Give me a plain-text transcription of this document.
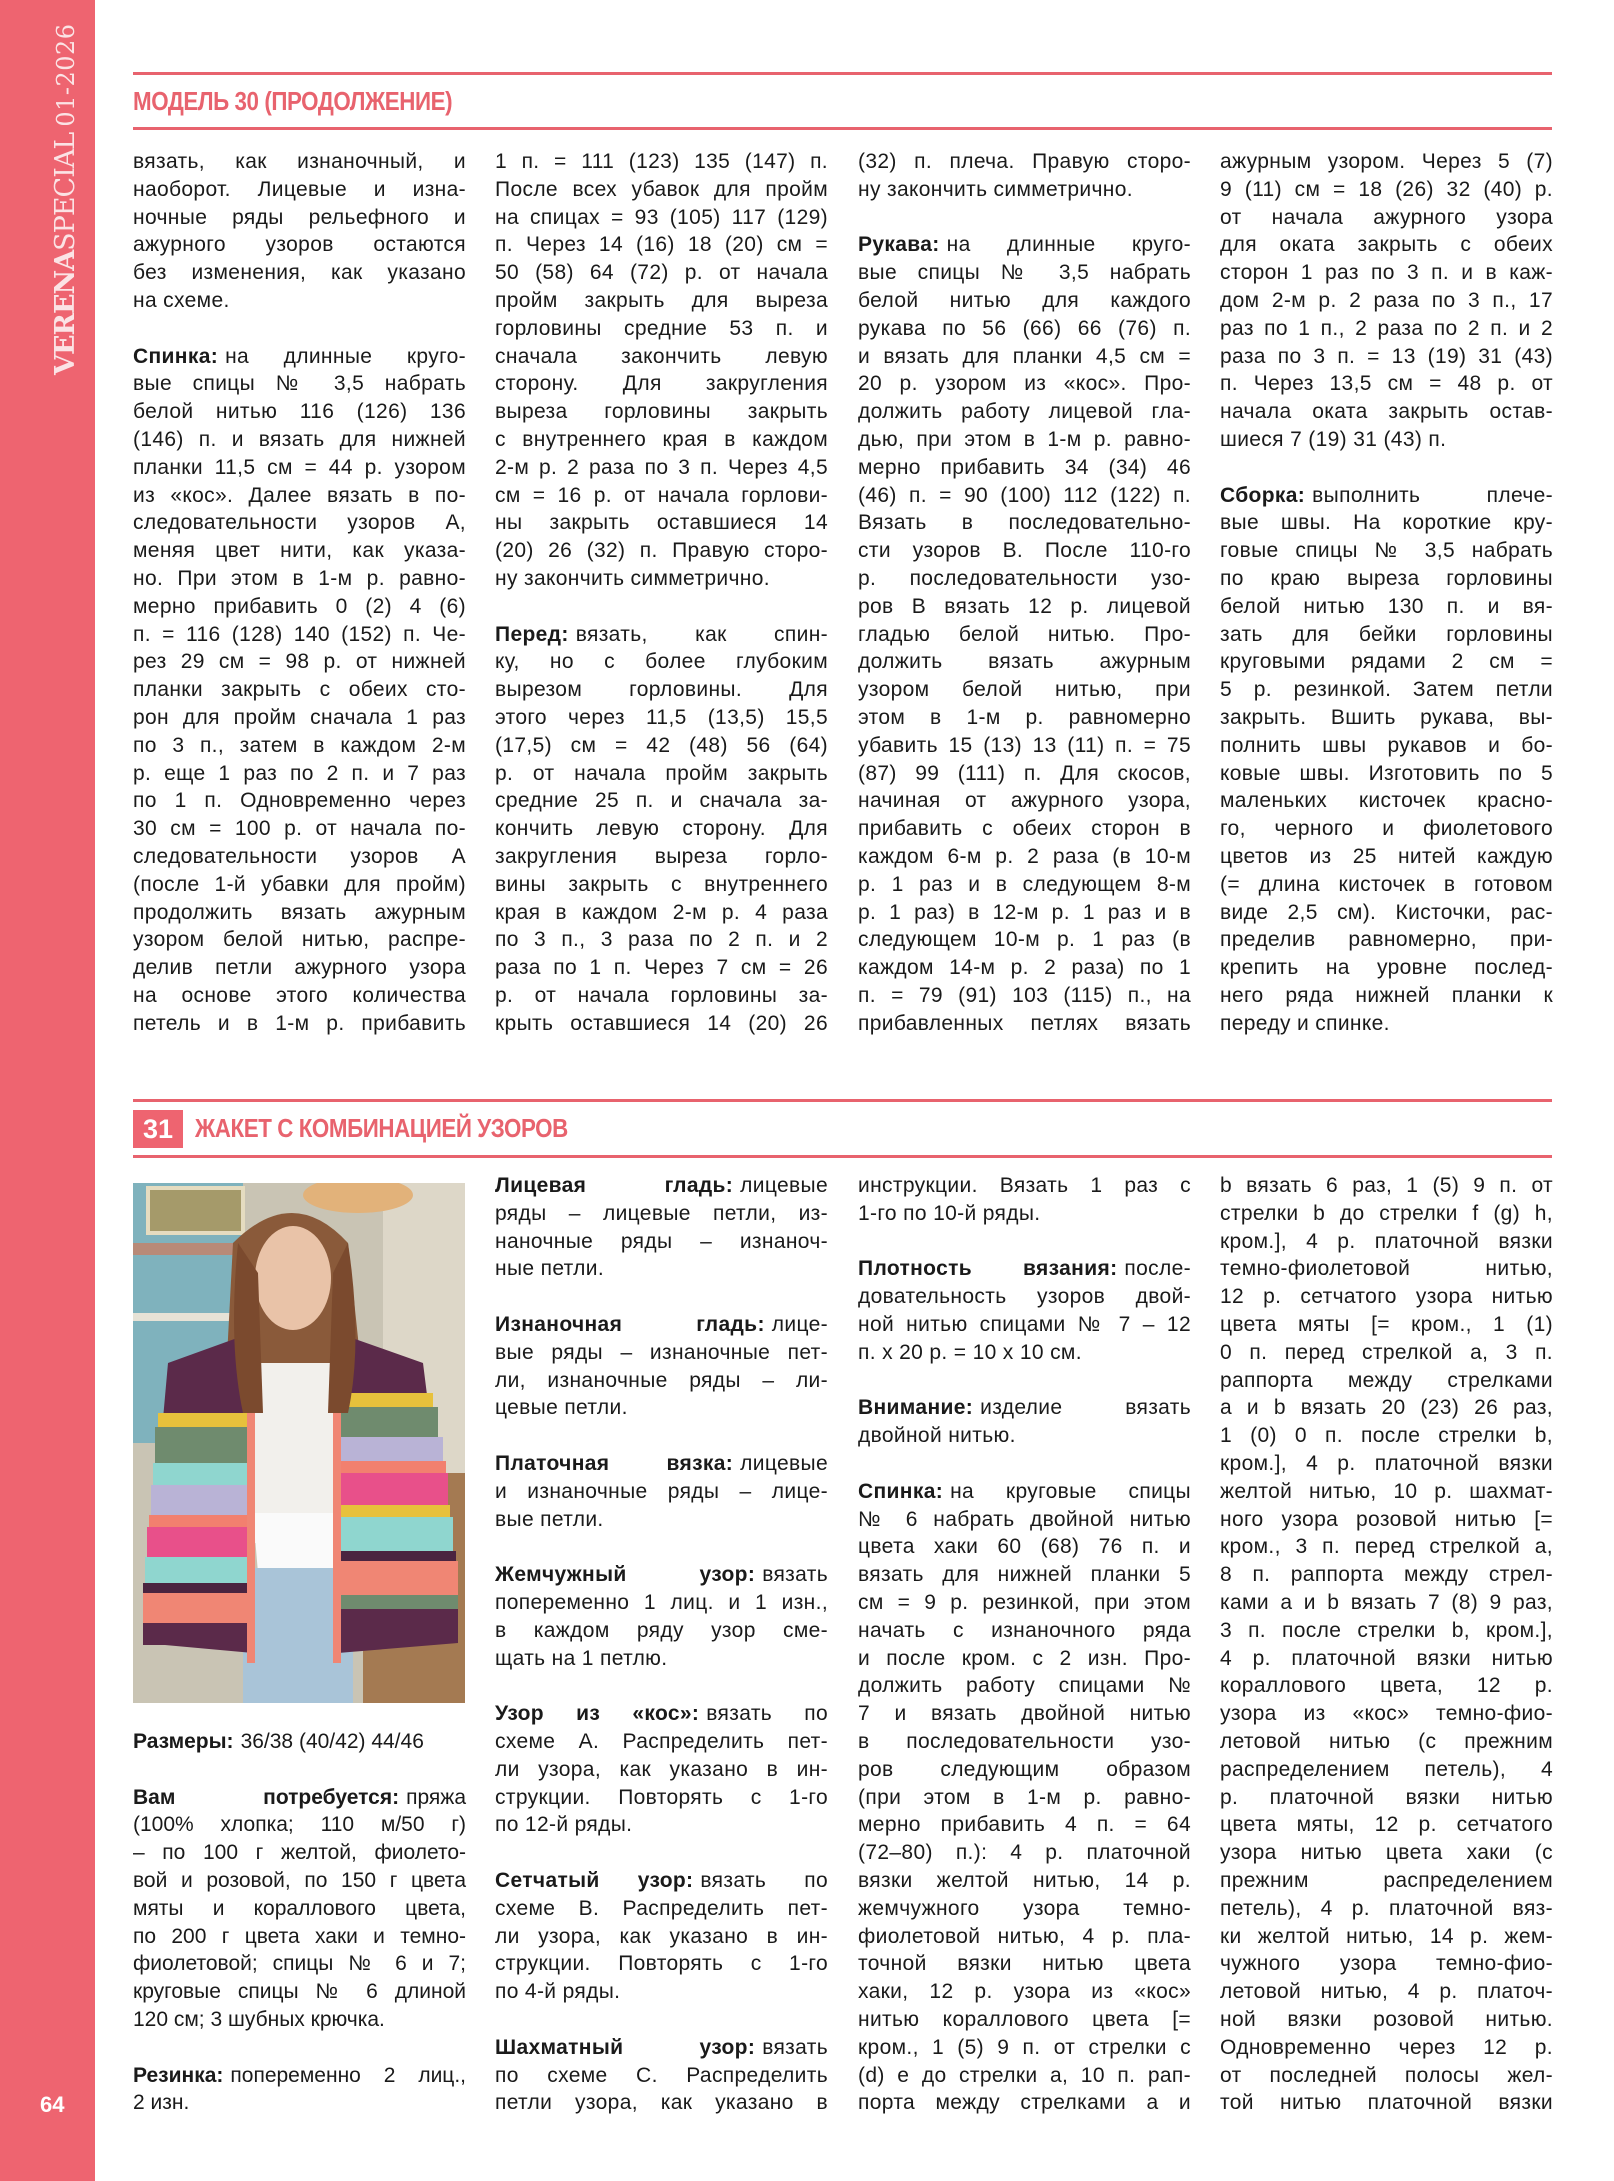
VERENASPECIAL01-2026
64
МОДЕЛЬ 30 (ПРОДОЛЖЕНИЕ)
31 ЖАКЕТ С КОМБИНАЦИЕЙ УЗОРОВ
вязать, как изнаночный, и
наоборот. Лицевые и изна-
ночные ряды рельефного и
ажурного узоров остаются
без изменения, как указано
на схеме.
Спинка: на длинные круго-
вые спицы № 3,5 набрать
белой нитью 116 (126) 136
(146) п. и вязать для нижней
планки 11,5 см = 44 р. узором
из «кос». Далее вязать в по-
следовательности узоров А,
меняя цвет нити, как указа-
но. При этом в 1-м р. равно-
мерно прибавить 0 (2) 4 (6)
п. = 116 (128) 140 (152) п. Че-
рез 29 см = 98 р. от нижней
планки закрыть с обеих сто-
рон для пройм сначала 1 раз
по 3 п., затем в каждом 2-м
р. еще 1 раз по 2 п. и 7 раз
по 1 п. Одновременно через
30 см = 100 р. от начала по-
следовательности узоров А
(после 1-й убавки для пройм)
продолжить вязать ажурным
узором белой нитью, распре-
делив петли ажурного узора
на основе этого количества
петель и в 1-м р. прибавить
1 п. = 111 (123) 135 (147) п.
После всех убавок для пройм
на спицах = 93 (105) 117 (129)
п. Через 14 (16) 18 (20) см =
50 (58) 64 (72) р. от начала
пройм закрыть для выреза
горловины средние 53 п. и
сначала закончить левую
сторону. Для закругления
выреза горловины закрыть
с внутреннего края в каждом
2-м р. 2 раза по 3 п. Через 4,5
см = 16 р. от начала горлови-
ны закрыть оставшиеся 14
(20) 26 (32) п. Правую сторо-
ну закончить симметрично.
Перед: вязать, как спин-
ку, но с более глубоким
вырезом горловины. Для
этого через 11,5 (13,5) 15,5
(17,5) см = 42 (48) 56 (64)
р. от начала пройм закрыть
средние 25 п. и сначала за-
кончить левую сторону. Для
закругления выреза горло-
вины закрыть с внутреннего
края в каждом 2-м р. 4 раза
по 3 п., 3 раза по 2 п. и 2
раза по 1 п. Через 7 см = 26
р. от начала горловины за-
крыть оставшиеся 14 (20) 26
(32) п. плеча. Правую сторо-
ну закончить симметрично.
Рукава: на длинные круго-
вые спицы № 3,5 набрать
белой нитью для каждого
рукава по 56 (66) 66 (76) п.
и вязать для планки 4,5 см =
20 р. узором из «кос». Про-
должить работу лицевой гла-
дью, при этом в 1-м р. равно-
мерно прибавить 34 (34) 46
(46) п. = 90 (100) 112 (122) п.
Вязать в последовательно-
сти узоров В. После 110-го
р. последовательности узо-
ров В вязать 12 р. лицевой
гладью белой нитью. Про-
должить вязать ажурным
узором белой нитью, при
этом в 1-м р. равномерно
убавить 15 (13) 13 (11) п. = 75
(87) 99 (111) п. Для скосов,
начиная от ажурного узора,
прибавить с обеих сторон в
каждом 6-м р. 2 раза (в 10-м
р. 1 раз и в следующем 8-м
р. 1 раз) в 12-м р. 1 раз и в
следующем 10-м р. 1 раз (в
каждом 14-м р. 2 раза) по 1
п. = 79 (91) 103 (115) п., на
прибавленных петлях вязать
ажурным узором. Через 5 (7)
9 (11) см = 18 (26) 32 (40) р.
от начала ажурного узора
для оката закрыть с обеих
сторон 1 раз по 3 п. и в каж-
дом 2-м р. 2 раза по 3 п., 17
раз по 1 п., 2 раза по 2 п. и 2
раза по 3 п. = 13 (19) 31 (43)
п. Через 13,5 см = 48 р. от
начала оката закрыть остав-
шиеся 7 (19) 31 (43) п.
Сборка: выполнить плече-
вые швы. На короткие кру-
говые спицы № 3,5 набрать
по краю выреза горловины
белой нитью 130 п. и вя-
зать для бейки горловины
круговыми рядами 2 см =
5 р. резинкой. Затем петли
закрыть. Вшить рукава, вы-
полнить швы рукавов и бо-
ковые швы. Изготовить по 5
маленьких кисточек красно-
го, черного и фиолетового
цветов из 25 нитей каждую
(= длина кисточек в готовом
виде 2,5 см). Кисточки, рас-
пределив равномерно, при-
крепить на уровне послед-
него ряда нижней планки к
переду и спинке.
Размеры: 36/38 (40/42) 44/46
Вам потребуется: пряжа
(100% хлопка; 110 м/50 г)
– по 100 г желтой, фиолето-
вой и розовой, по 150 г цвета
мяты и кораллового цвета,
по 200 г цвета хаки и темно-
фиолетовой; спицы № 6 и 7;
круговые спицы № 6 длиной
120 см; 3 шубных крючка.
Резинка: попеременно 2 лиц.,
2 изн.
Лицевая гладь: лицевые
ряды – лицевые петли, из-
наночные ряды – изнаноч-
ные петли.
Изнаночная гладь: лице-
вые ряды – изнаночные пет-
ли, изнаночные ряды – ли-
цевые петли.
Платочная вязка: лицевые
и изнаночные ряды – лице-
вые петли.
Жемчужный узор: вязать
попеременно 1 лиц. и 1 изн.,
в каждом ряду узор сме-
щать на 1 петлю.
Узор из «кос»: вязать по
схеме А. Распределить пет-
ли узора, как указано в ин-
струкции. Повторять с 1-го
по 12-й ряды.
Сетчатый узор: вязать по
схеме В. Распределить пет-
ли узора, как указано в ин-
струкции. Повторять с 1-го
по 4-й ряды.
Шахматный узор: вязать
по схеме С. Распределить
петли узора, как указано в
инструкции. Вязать 1 раз с
1-го по 10-й ряды.
Плотность вязания: после-
довательность узоров двой-
ной нитью спицами № 7 – 12
п. х 20 р. = 10 х 10 см.
Внимание: изделие вязать
двойной нитью.
Спинка: на круговые спицы
№ 6 набрать двойной нитью
цвета хаки 60 (68) 76 п. и
вязать для нижней планки 5
см = 9 р. резинкой, при этом
начать с изнаночного ряда
и после кром. с 2 изн. Про-
должить работу спицами №
7 и вязать двойной нитью
в последовательности узо-
ров следующим образом
(при этом в 1-м р. равно-
мерно прибавить 4 п. = 64
(72–80) п.): 4 р. платочной
вязки желтой нитью, 14 р.
жемчужного узора темно-
фиолетовой нитью, 4 р. пла-
точной вязки нитью цвета
хаки, 12 р. узора из «кос»
нитью кораллового цвета [=
кром., 1 (5) 9 п. от стрелки с
(d) е до стрелки а, 10 п. рап-
порта между стрелками а и
b вязать 6 раз, 1 (5) 9 п. от
стрелки b до стрелки f (g) h,
кром.], 4 р. платочной вязки
темно-фиолетовой нитью,
12 р. сетчатого узора нитью
цвета мяты [= кром., 1 (1)
0 п. перед стрелкой а, 3 п.
раппорта между стрелками
а и b вязать 20 (23) 26 раз,
1 (0) 0 п. после стрелки b,
кром.], 4 р. платочной вязки
желтой нитью, 10 р. шахмат-
ного узора розовой нитью [=
кром., 3 п. перед стрелкой а,
8 п. раппорта между стрел-
ками а и b вязать 7 (8) 9 раз,
3 п. после стрелки b, кром.],
4 р. платочной вязки нитью
кораллового цвета, 12 р.
узора из «кос» темно-фио-
летовой нитью (с прежним
распределением петель), 4
р. платочной вязки нитью
цвета мяты, 12 р. сетчатого
узора нитью цвета хаки (с
прежним распределением
петель), 4 р. платочной вяз-
ки желтой нитью, 14 р. жем-
чужного узора темно-фио-
летовой нитью, 4 р. платоч-
ной вязки розовой нитью.
Одновременно через 12 р.
от последней полосы жел-
той нитью платочной вязки
